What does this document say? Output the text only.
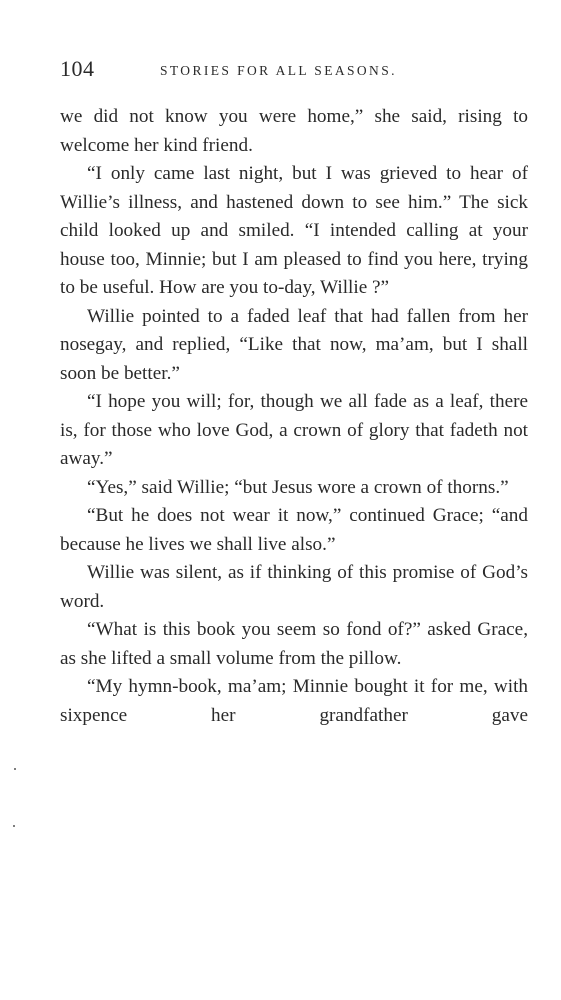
104	STORIES FOR ALL SEASONS.

we did not know you were home,” she said, rising to welcome her kind friend.

“I only came last night, but I was grieved to hear of Willie’s illness, and hastened down to see him.” The sick child looked up and smiled. “I intended calling at your house too, Minnie; but I am pleased to find you here, trying to be useful. How are you to-day, Willie ?”

Willie pointed to a faded leaf that had fallen from her nosegay, and replied, “Like that now, ma’am, but I shall soon be better.”

“I hope you will; for, though we all fade as a leaf, there is, for those who love God, a crown of glory that fadeth not away.”

“Yes,” said Willie; “but Jesus wore a crown of thorns.”

“But he does not wear it now,” continued Grace; “and because he lives we shall live also.”

Willie was silent, as if thinking of this promise of God’s word.

“What is this book you seem so fond of?” asked Grace, as she lifted a small volume from the pillow.

“My hymn-book, ma’am; Minnie bought it for me, with sixpence her grandfather gave
